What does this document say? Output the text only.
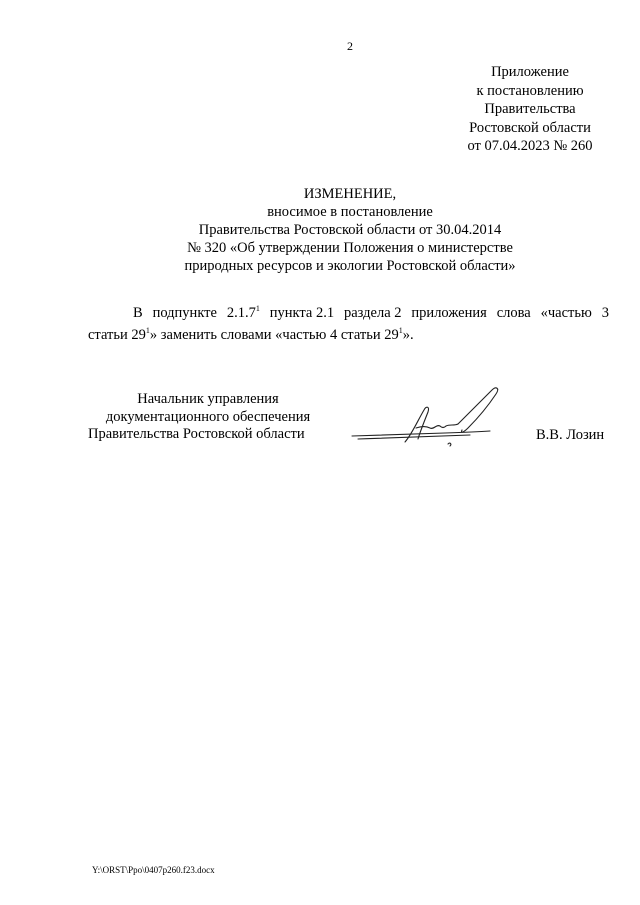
2
Приложение
к постановлению
Правительства
Ростовской области
от 07.04.2023 № 260
ИЗМЕНЕНИЕ,
вносимое в постановление
Правительства Ростовской области от 30.04.2014
№ 320 «Об утверждении Положения о министерстве
природных ресурсов и экологии Ростовской области»
В подпункте 2.1.7$^1$ пункта 2.1 раздела 2 приложения слова «частью 3
статьи $29^1$» заменить словами «частью 4 статьи $29^1$».
Начальник управления
документационного обеспечения
Правительства Ростовской области	В.В. Лозин
Y:\ORST\Ppo\0407p260.f23.docx
